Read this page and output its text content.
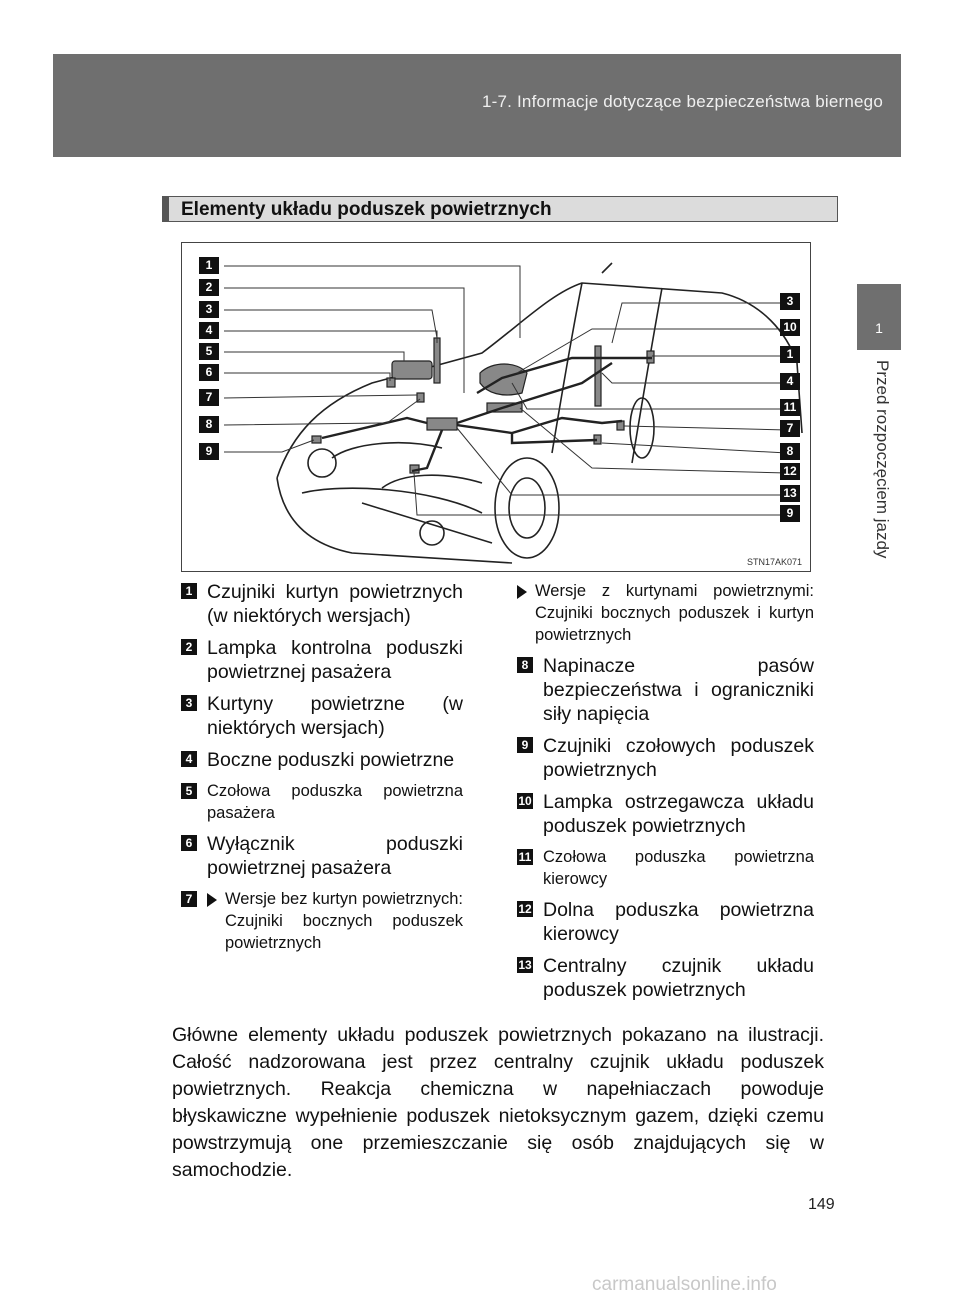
1-7. Informacje dotyczące bezpieczeństwa biernego
1
Przed rozpoczęciem jazdy
Elementy układu poduszek powietrznych
1
2
3
4
5
6
7
8
9
3
10
1
4
11
7
8
12
13
9
STN17AK071
1 Czujniki kurtyn powietrznych (w niektórych wersjach)
2 Lampka kontrolna poduszki powietrznej pasażera
3 Kurtyny powietrzne (w niektórych wersjach)
4 Boczne poduszki powietrzne
5 Czołowa poduszka powietrzna pasażera
6 Wyłącznik poduszki powietrznej pasażera
7 Wersje bez kurtyn powietrznych: Czujniki bocznych poduszek powietrznych
Wersje z kurtynami powietrznymi: Czujniki bocznych poduszek i kurtyn powietrznych
8 Napinacze pasów bezpieczeństwa i ograniczniki siły napięcia
9 Czujniki czołowych poduszek powietrznych
10 Lampka ostrzegawcza układu poduszek powietrznych
11 Czołowa poduszka powietrzna kierowcy
12 Dolna poduszka powietrzna kierowcy
13 Centralny czujnik układu poduszek powietrznych
Główne elementy układu poduszek powietrznych pokazano na ilustracji. Całość nadzorowana jest przez centralny czujnik układu poduszek powietrznych. Reakcja chemiczna w napełniaczach powoduje błyskawiczne wypełnienie poduszek nietoksycznym gazem, dzięki czemu powstrzymują one przemieszczanie się osób znajdujących się w samochodzie.
149
carmanualsonline.info
